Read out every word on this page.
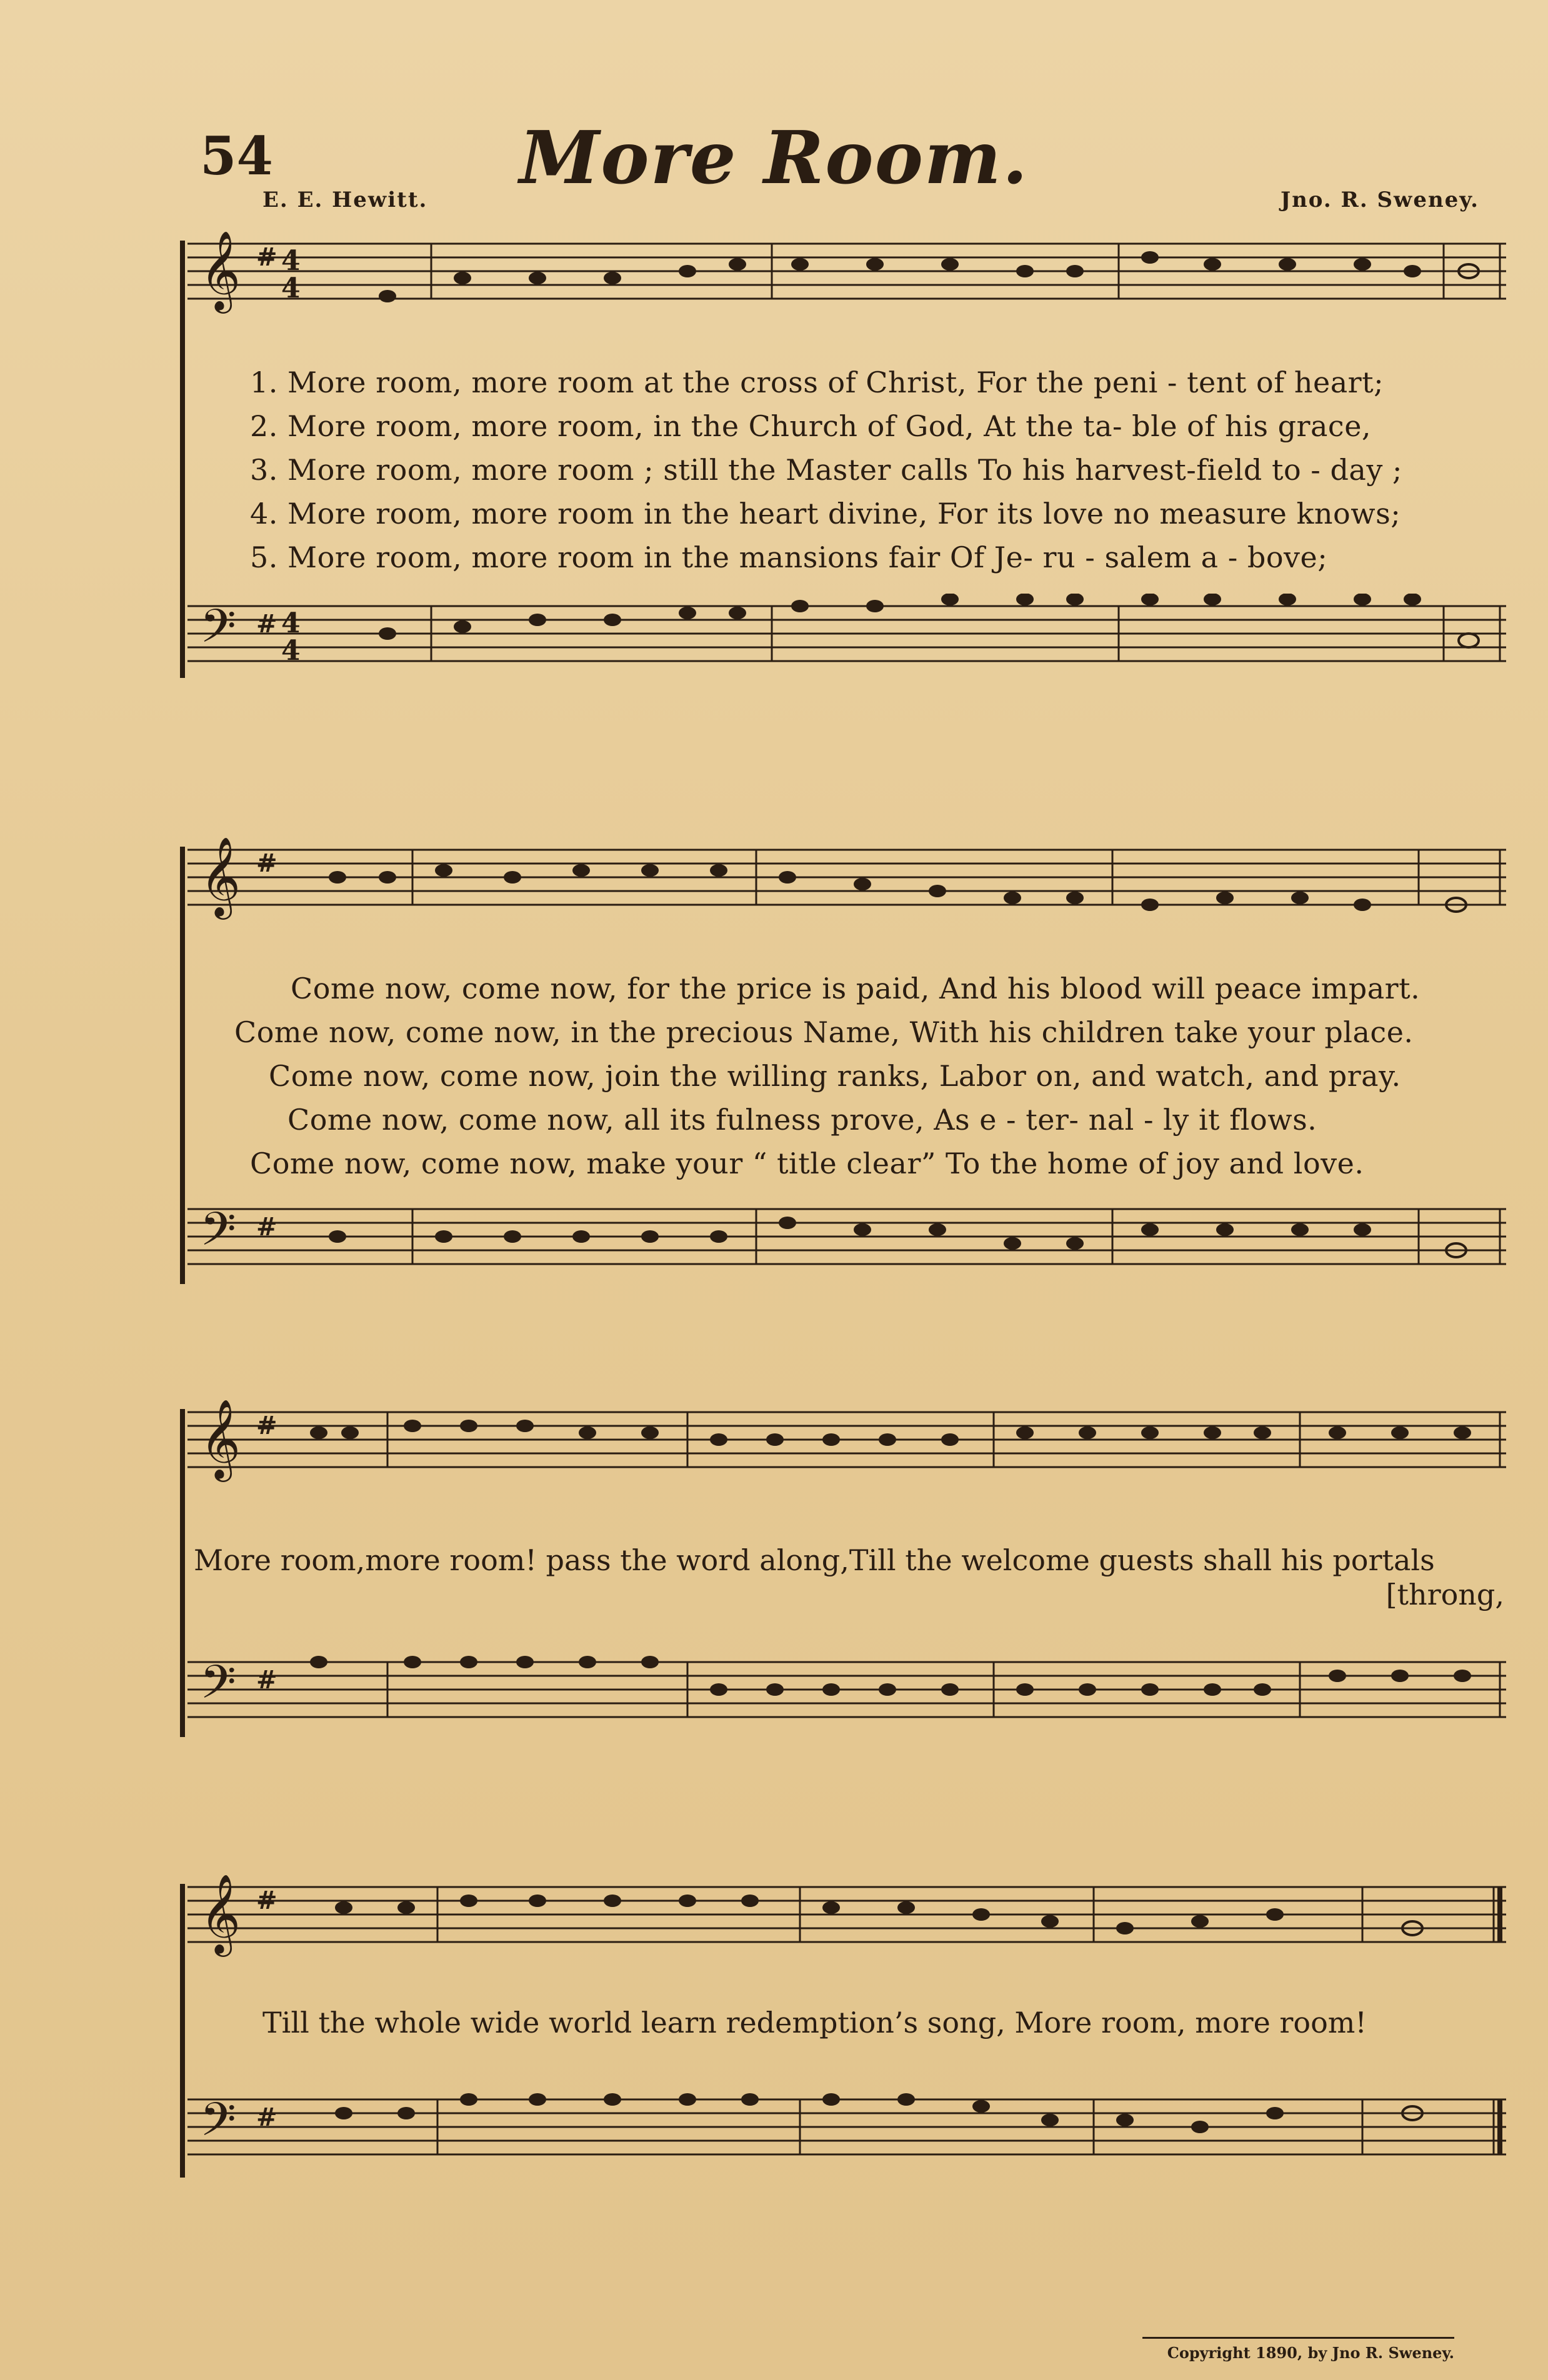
54	More Room.
E. E. Hewitt.	Jno. R. Sweney.
𝄞 # 4
4
1. More room, more room at the cross of Christ, For the peni - tent of heart;
2. More room, more room, in the Church of God, At the ta- ble of his grace,
3. More room, more room ; still the Master calls To his harvest-field to - day ;
4. More room, more room in the heart divine, For its love no measure knows;
5. More room, more room in the mansions fair Of Je- ru - salem a - bove;
𝄢 # 4
4
𝄞 #
Come now, come now, for the price is paid, And his blood will peace impart.
Come now, come now, in the precious Name, With his children take your place.
Come now, come now, join the willing ranks, Labor on, and watch, and pray.
Come now, come now, all its fulness prove, As e - ter- nal - ly it flows.
Come now, come now, make your “ title clear” To the home of joy and love.
𝄢 #
𝄞 #
More room,more room! pass the word along,Till the welcome guests shall his portals
[throng,
𝄢 #
𝄞 #
Till the whole wide world learn redemption’s song, More room, more room!
𝄢 #
Copyright 1890, by Jno R. Sweney.
